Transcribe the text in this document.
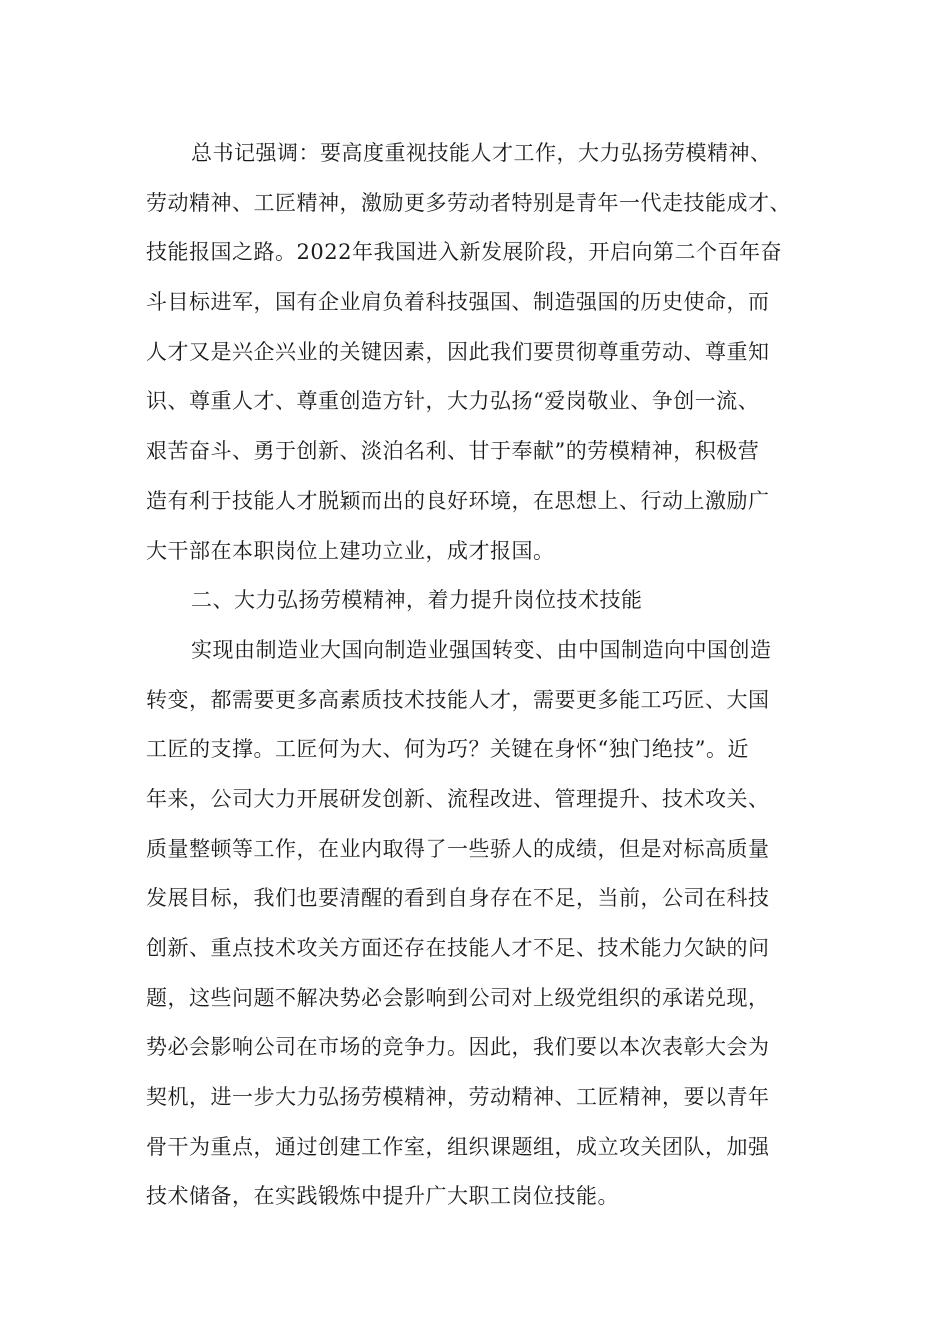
总书记强调：要高度重视技能人才工作，大力弘扬劳模精神、
劳动精神、工匠精神，激励更多劳动者特别是青年一代走技能成才、
技能报国之路。2022年我国进入新发展阶段，开启向第二个百年奋
斗目标进军，国有企业肩负着科技强国、制造强国的历史使命，而
人才又是兴企兴业的关键因素，因此我们要贯彻尊重劳动、尊重知
识、尊重人才、尊重创造方针，大力弘扬“爱岗敬业、争创一流、
艰苦奋斗、勇于创新、淡泊名利、甘于奉献”的劳模精神，积极营
造有利于技能人才脱颖而出的良好环境，在思想上、行动上激励广
大干部在本职岗位上建功立业，成才报国。
二、大力弘扬劳模精神，着力提升岗位技术技能
实现由制造业大国向制造业强国转变、由中国制造向中国创造
转变，都需要更多高素质技术技能人才，需要更多能工巧匠、大国
工匠的支撑。工匠何为大、何为巧？关键在身怀“独门绝技”。近
年来，公司大力开展研发创新、流程改进、管理提升、技术攻关、
质量整顿等工作，在业内取得了一些骄人的成绩，但是对标高质量
发展目标，我们也要清醒的看到自身存在不足，当前，公司在科技
创新、重点技术攻关方面还存在技能人才不足、技术能力欠缺的问
题，这些问题不解决势必会影响到公司对上级党组织的承诺兑现，
势必会影响公司在市场的竞争力。因此，我们要以本次表彰大会为
契机，进一步大力弘扬劳模精神，劳动精神、工匠精神，要以青年
骨干为重点，通过创建工作室，组织课题组，成立攻关团队，加强
技术储备，在实践锻炼中提升广大职工岗位技能。
